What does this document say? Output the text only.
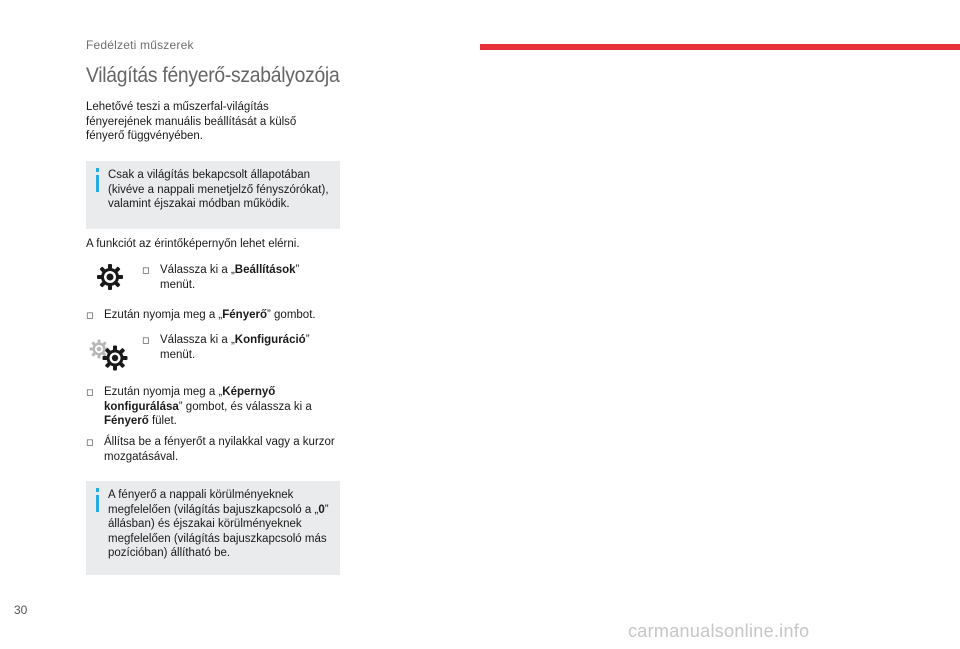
Fedélzeti műszerek
Világítás fényerő-szabályozója
Lehetővé teszi a műszerfal-világítás fényerejének manuális beállítását a külső fényerő függvényében.
Csak a világítás bekapcsolt állapotában (kivéve a nappali menetjelző fényszórókat), valamint éjszakai módban működik.
A funkciót az érintőképernyőn lehet elérni.
◻ Válassza ki a „Beállítások” menüt.
◻ Ezután nyomja meg a „Fényerő” gombot.
◻ Válassza ki a „Konfiguráció” menüt.
◻ Ezután nyomja meg a „Képernyő konfigurálása” gombot, és válassza ki a Fényerő fület.
◻ Állítsa be a fényerőt a nyilakkal vagy a kurzor mozgatásával.
A fényerő a nappali körülményeknek megfelelően (világítás bajuszkapcsoló a „0” állásban) és éjszakai körülményeknek megfelelően (világítás bajuszkapcsoló más pozícióban) állítható be.
30
carmanualsonline.info
